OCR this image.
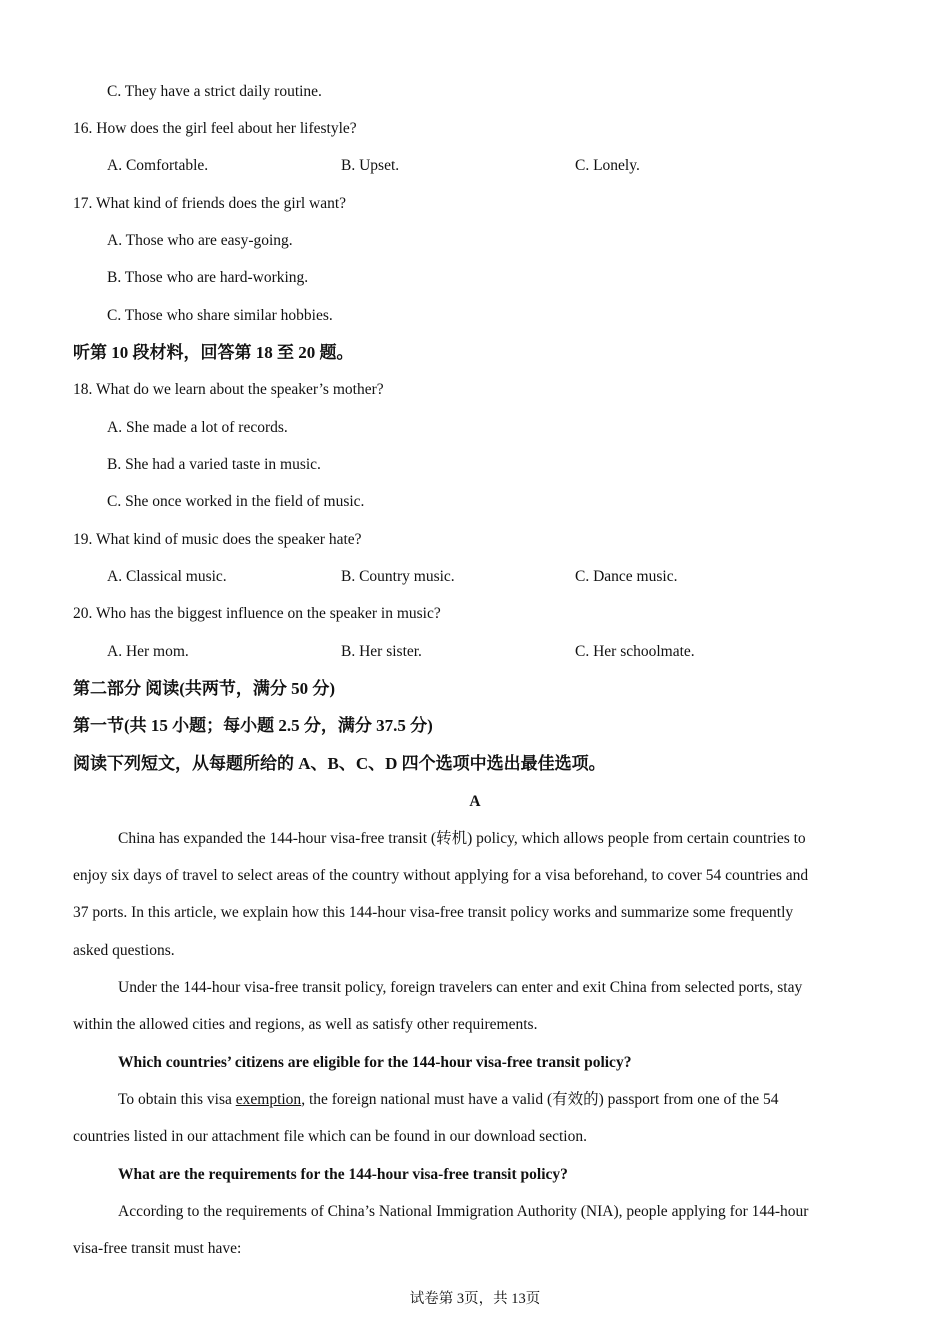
C. They have a strict daily routine.
16. How does the girl feel about her lifestyle?
A. Comfortable.	B. Upset.	C. Lonely.
17. What kind of friends does the girl want?
A. Those who are easy-going.
B. Those who are hard-working.
C. Those who share similar hobbies.
听第 10 段材料，回答第 18 至 20 题。
18. What do we learn about the speaker’s mother?
A. She made a lot of records.
B. She had a varied taste in music.
C. She once worked in the field of music.
19. What kind of music does the speaker hate?
A. Classical music.	B. Country music.	C. Dance music.
20. Who has the biggest influence on the speaker in music?
A. Her mom.	B. Her sister.	C. Her schoolmate.
第二部分 阅读(共两节，满分 50 分)
第一节(共 15 小题；每小题 2.5 分，满分 37.5 分)
阅读下列短文，从每题所给的 A、B、C、D 四个选项中选出最佳选项。
A
China has expanded the 144-hour visa-free transit (转机) policy, which allows people from certain countries to
enjoy six days of travel to select areas of the country without applying for a visa beforehand, to cover 54 countries and
37 ports. In this article, we explain how this 144-hour visa-free transit policy works and summarize some frequently
asked questions.
Under the 144-hour visa-free transit policy, foreign travelers can enter and exit China from selected ports, stay
within the allowed cities and regions, as well as satisfy other requirements.
Which countries’ citizens are eligible for the 144-hour visa-free transit policy?
To obtain this visa exemption, the foreign national must have a valid (有效的) passport from one of the 54
countries listed in our attachment file which can be found in our download section.
What are the requirements for the 144-hour visa-free transit policy?
According to the requirements of China’s National Immigration Authority (NIA), people applying for 144-hour
visa-free transit must have:
试卷第 3页，共 13页
